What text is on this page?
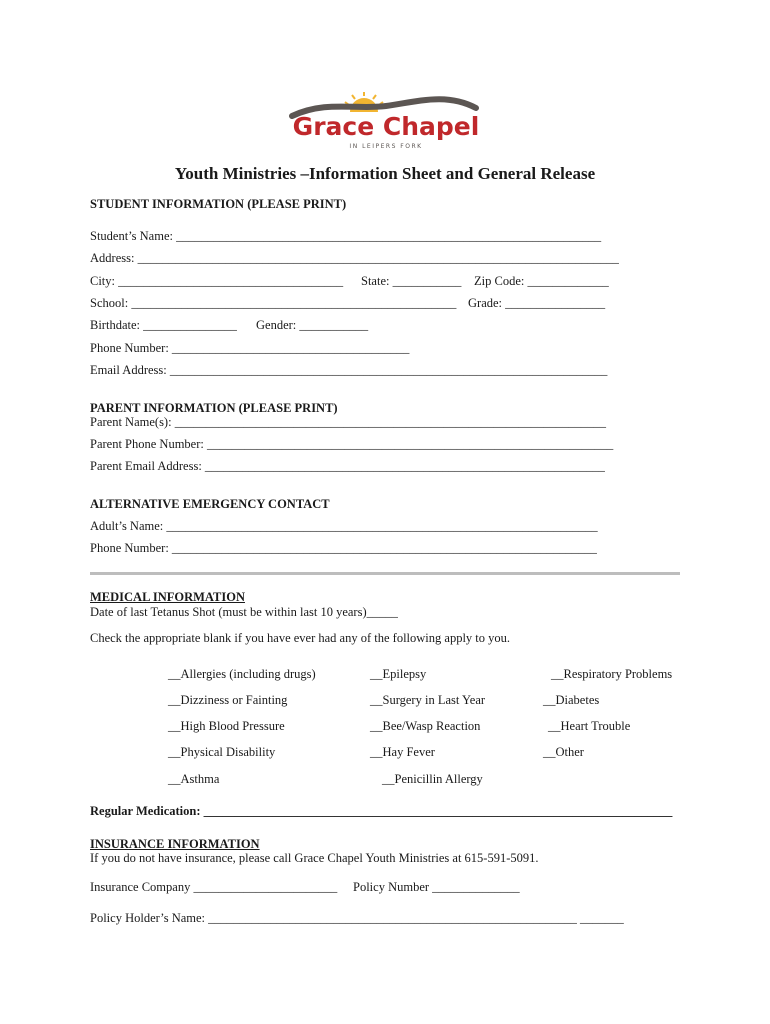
Grace Chapel
IN LEIPERS FORK
Youth Ministries –Information Sheet and General Release
STUDENT INFORMATION (PLEASE PRINT)
Student’s Name: ____________________________________________________________________
Address: _____________________________________________________________________________
City: ____________________________________ State: ___________ Zip Code: _____________
School: ____________________________________________________ Grade: ________________
Birthdate: _______________ Gender: ___________
Phone Number: ______________________________________
Email Address: ______________________________________________________________________
PARENT INFORMATION (PLEASE PRINT)
Parent Name(s): _____________________________________________________________________
Parent Phone Number: _________________________________________________________________
Parent Email Address: ________________________________________________________________
ALTERNATIVE EMERGENCY CONTACT
Adult’s Name: _____________________________________________________________________
Phone Number: ____________________________________________________________________
MEDICAL INFORMATION
Date of last Tetanus Shot (must be within last 10 years)_____
Check the appropriate blank if you have ever had any of the following apply to you.
__Allergies (including drugs)
__Dizziness or Fainting
__High Blood Pressure
__Physical Disability
__Asthma
__Epilepsy
__Surgery in Last Year
__Bee/Wasp Reaction
__Hay Fever
__Penicillin Allergy
__Respiratory Problems
__Diabetes
__Heart Trouble
__Other
Regular Medication: ___________________________________________________________________________
INSURANCE INFORMATION
If you do not have insurance, please call Grace Chapel Youth Ministries at 615-591-5091.
Insurance Company _______________________ Policy Number ______________
Policy Holder’s Name: ___________________________________________________________ _______
